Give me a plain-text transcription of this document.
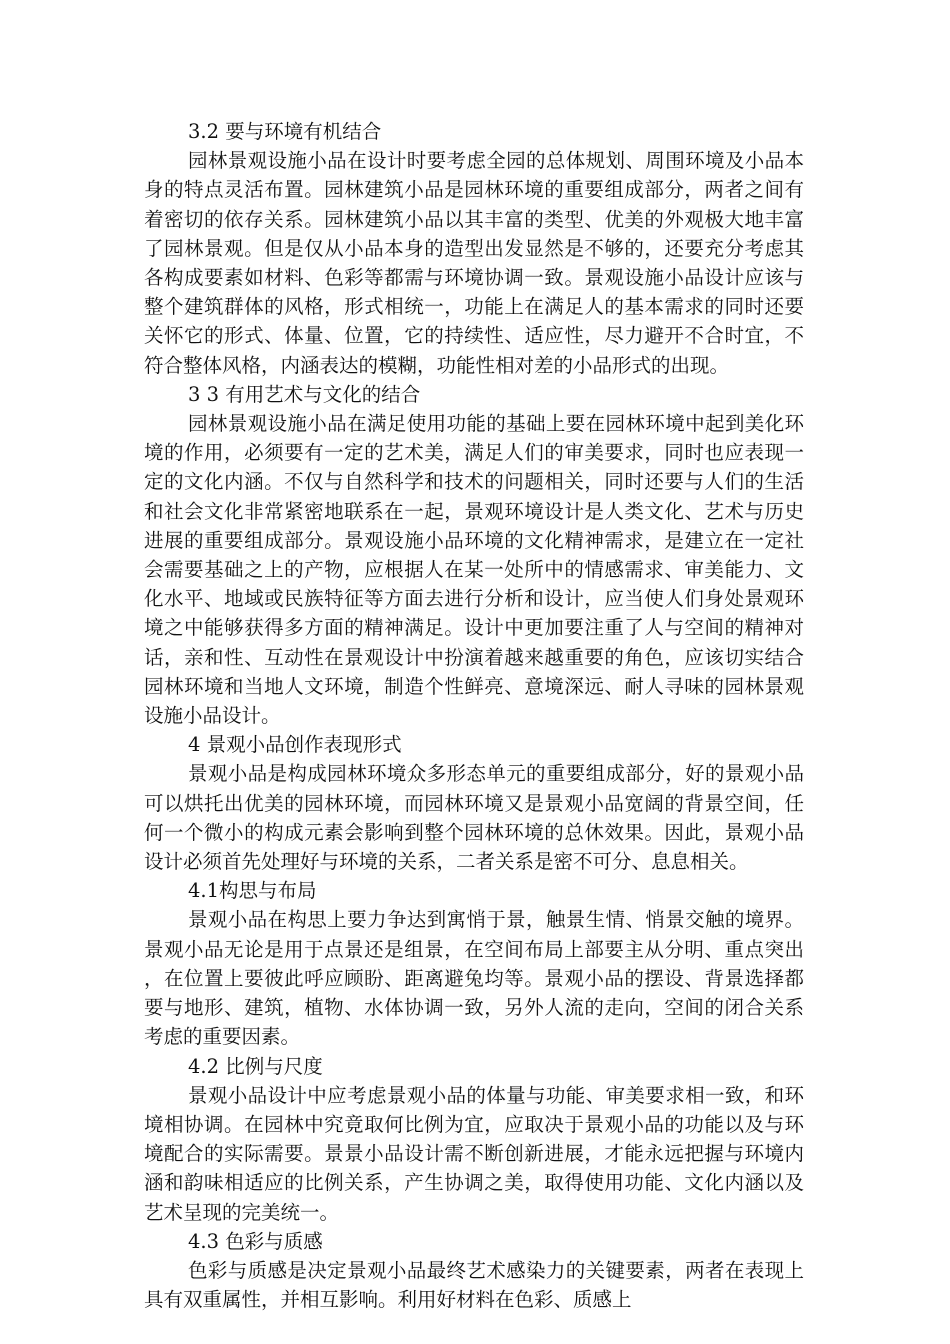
3.2 要与环境有机结合

园林景观设施小品在设计时要考虑全园的总体规划、周围环境及小品本身的特点灵活布置。园林建筑小品是园林环境的重要组成部分，两者之间有着密切的依存关系。园林建筑小品以其丰富的类型、优美的外观极大地丰富了园林景观。但是仅从小品本身的造型出发显然是不够的，还要充分考虑其各构成要素如材料、色彩等都需与环境协调一致。景观设施小品设计应该与整个建筑群体的风格，形式相统一，功能上在满足人的基本需求的同时还要关怀它的形式、体量、位置，它的持续性、适应性，尽力避开不合时宜，不符合整体风格，内涵表达的模糊，功能性相对差的小品形式的出现。

3 3 有用艺术与文化的结合

园林景观设施小品在满足使用功能的基础上要在园林环境中起到美化环境的作用，必须要有一定的艺术美，满足人们的审美要求，同时也应表现一定的文化内涵。不仅与自然科学和技术的问题相关，同时还要与人们的生活和社会文化非常紧密地联系在一起，景观环境设计是人类文化、艺术与历史进展的重要组成部分。景观设施小品环境的文化精神需求，是建立在一定社会需要基础之上的产物，应根据人在某一处所中的情感需求、审美能力、文化水平、地域或民族特征等方面去进行分析和设计，应当使人们身处景观环境之中能够获得多方面的精神满足。设计中更加要注重了人与空间的精神对话，亲和性、互动性在景观设计中扮演着越来越重要的角色，应该切实结合园林环境和当地人文环境，制造个性鲜亮、意境深远、耐人寻味的园林景观设施小品设计。

4 景观小品创作表现形式

景观小品是构成园林环境众多形态单元的重要组成部分，好的景观小品可以烘托出优美的园林环境，而园林环境又是景观小品宽阔的背景空间，任何一个微小的构成元素会影响到整个园林环境的总休效果。因此，景观小品设计必须首先处理好与环境的关系，二者关系是密不可分、息息相关。

4.1构思与布局

景观小品在构思上要力争达到寓悄于景，触景生情、悄景交触的境界。景观小品无论是用于点景还是组景，在空间布局上部要主从分明、重点突出，在位置上要彼此呼应顾盼、距离避兔均等。景观小品的摆设、背景选择都要与地形、建筑，植物、水体协调一致，另外人流的走向，空间的闭合关系考虑的重要因素。

4.2 比例与尺度

景观小品设计中应考虑景观小品的体量与功能、审美要求相一致，和环境相协调。在园林中究竟取何比例为宜，应取决于景观小品的功能以及与环境配合的实际需要。景景小品设计需不断创新进展，才能永远把握与环境内涵和韵味相适应的比例关系，产生协调之美，取得使用功能、文化内涵以及艺术呈现的完美统一。

4.3 色彩与质感

色彩与质感是决定景观小品最终艺术感染力的关键要素，两者在表现上具有双重属性，并相互影响。利用好材料在色彩、质感上
